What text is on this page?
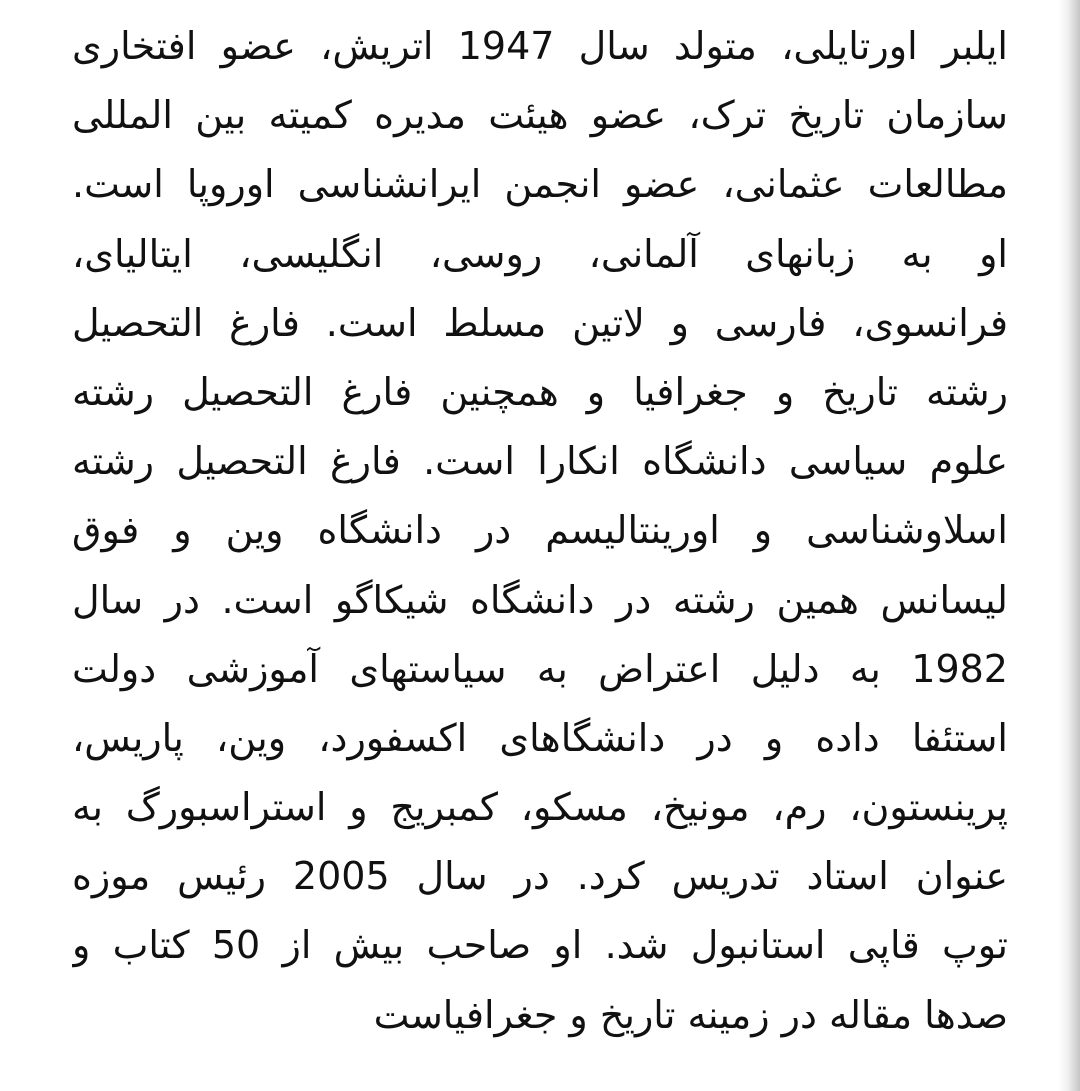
ایلبر اورتایلی، متولد سال 1947 اتریش، عضو افتخاری
سازمان تاریخ ترک، عضو هیئت مدیره کمیته بین المللی
مطالعات عثمانی، عضو انجمن ایرانشناسی اوروپا است.
او به زبانهای آلمانی، روسی، انگلیسی، ایتالیای،
فرانسوی، فارسی و لاتین مسلط است. فارغ التحصیل
رشته تاریخ و جغرافیا و همچنین فارغ التحصیل رشته
علوم سیاسی دانشگاه انکارا است. فارغ التحصیل رشته
اسلاوشناسی و اورینتالیسم در دانشگاه وین و فوق
لیسانس همین رشته در دانشگاه شیکاگو است. در سال
1982 به دلیل اعتراض به سیاستهای آموزشی دولت
استئفا داده و در دانشگاهای اکسفورد، وین، پاریس،
پرینستون، رم، مونیخ، مسکو، کمبریج و استراسبورگ به
عنوان استاد تدریس کرد. در سال 2005 رئیس موزه
توپ قاپی استانبول شد. او صاحب بیش از 50 کتاب و
صدها مقاله در زمینه تاریخ و جغرافیاست
